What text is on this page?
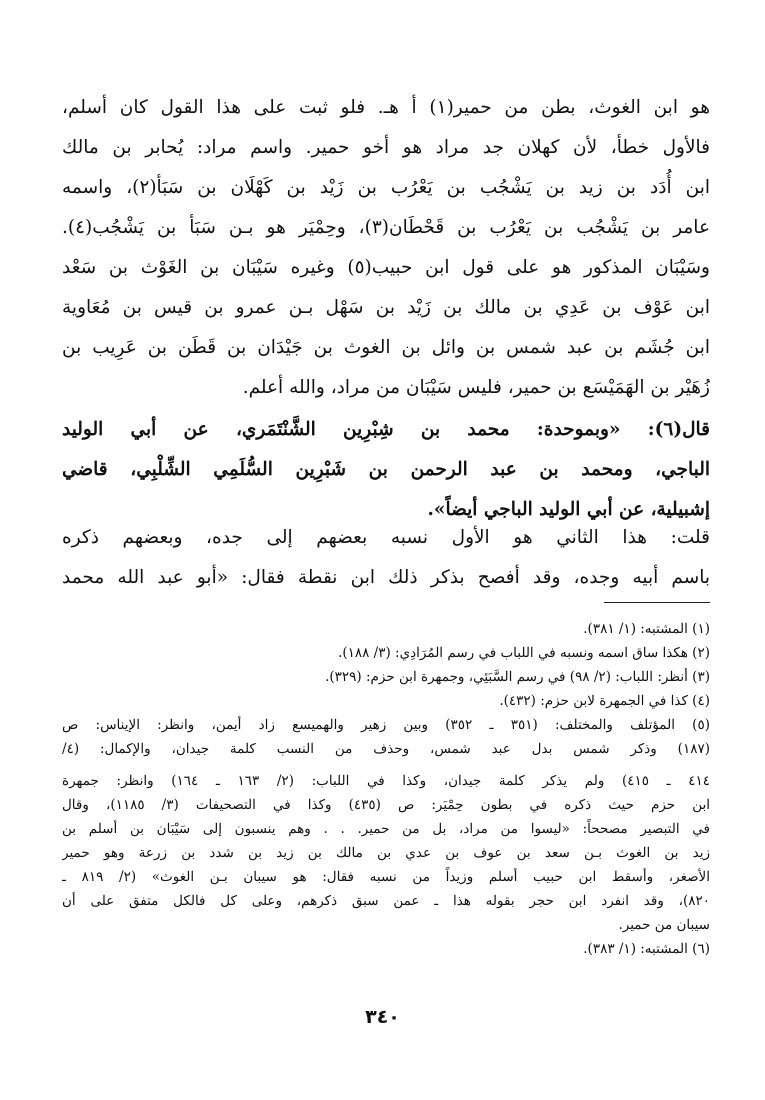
هو ابن الغوث، بطن من حمير(١) أ هـ. فلو ثبت على هذا القول كان أسلم،
فالأول خطأ، لأن كهلان جد مراد هو أخو حمير. واسم مراد: يُحابر بن مالك
ابن أُدَد بن زيد بن يَشْجُب بن يَعْرُب بن زَيْد بن كَهْلَان بن سَبَأ(٢)، واسمه
عامر بن يَشْجُب بن يَعْرُب بن قَحْطَان(٣)، وحِمْيَر هو بـن سَبَأ بن يَشْجُب(٤).
وسَيْبَان المذكور هو على قول ابن حبيب(٥) وغيره سَيْبَان بن الغَوْث بن سَعْد
ابن عَوْف بن عَدِي بن مالك بن زَيْد بن سَهْل بـن عمرو بن قيس بن مُعَاوية
ابن جُشَم بن عبد شمس بن وائل بن الغوث بن جَيْدَان بن قَطَن بن عَرِيب بن
زُهَيْر بن الهَمَيْسَع بن حمير، فليس سَيْبَان من مراد، والله أعلم.
قال(٦): «وبموحدة: محمد بن شِبْرِين الشَّنْتَمَري، عن أبي الوليد
الباجي، ومحمد بن عبد الرحمن بن شَبْرِين السُّلَمِي الشِّلْبِي، قاضي
إشبيلية، عن أبي الوليد الباجي أيضاً».
قلت: هذا الثاني هو الأول نسبه بعضهم إلى جده، وبعضهم ذكره
باسم أبيه وجده، وقد أفصح بذكر ذلك ابن نقطة فقال: «أبو عبد الله محمد
(١) المشتبه: (١/ ٣٨١).
(٢) هكذا ساق اسمه ونسبه في اللباب في رسم المُرَادِي: (٣/ ١٨٨).
(٣) أنظر: اللباب: (٢/ ٩٨) في رسم السَّبَئِي، وجمهرة ابن حزم: (٣٢٩).
(٤) كذا في الجمهرة لابن حزم: (٤٣٢).
(٥) المؤتلف والمختلف: (٣٥١ ـ ٣٥٢) وبين زهير والهميسع زاد أيمن، وانظر: الإيناس: ص
(١٨٧) وذكر شمس بدل عبد شمس، وحذف من النسب كلمة جيدان، والإكمال: (٤/
٤١٤ ـ ٤١٥) ولم يذكر كلمة جيدان، وكذا في اللباب: (٢/ ١٦٣ ـ ١٦٤) وانظر: جمهرة
ابن حزم حيث ذكره في بطون حِمْيَر: ص (٤٣٥) وكذا في التصحيفات (٣/ ١١٨٥)، وقال
في التبصير مصححاً: «ليسوا من مراد، بل من حمير. . . وهم ينسبون إلى سَيْبَان بن أسلم بن
زيد بن الغوث بـن سعد بن عوف بن عدي بن مالك بن زيد بن شدد بن زرعة وهو حمير
الأصغر، وأسقط ابن حبيب أسلم وزيداً من نسبه فقال: هو سيبان بـن الغوث» (٢/ ٨١٩ ـ
٨٢٠)، وقد انفرد ابن حجر بقوله هذا ـ عمن سبق ذكرهم، وعلى كل فالكل متفق على أن
سيبان من حمير.
(٦) المشتبه: (١/ ٣٨٣).
٣٤٠
